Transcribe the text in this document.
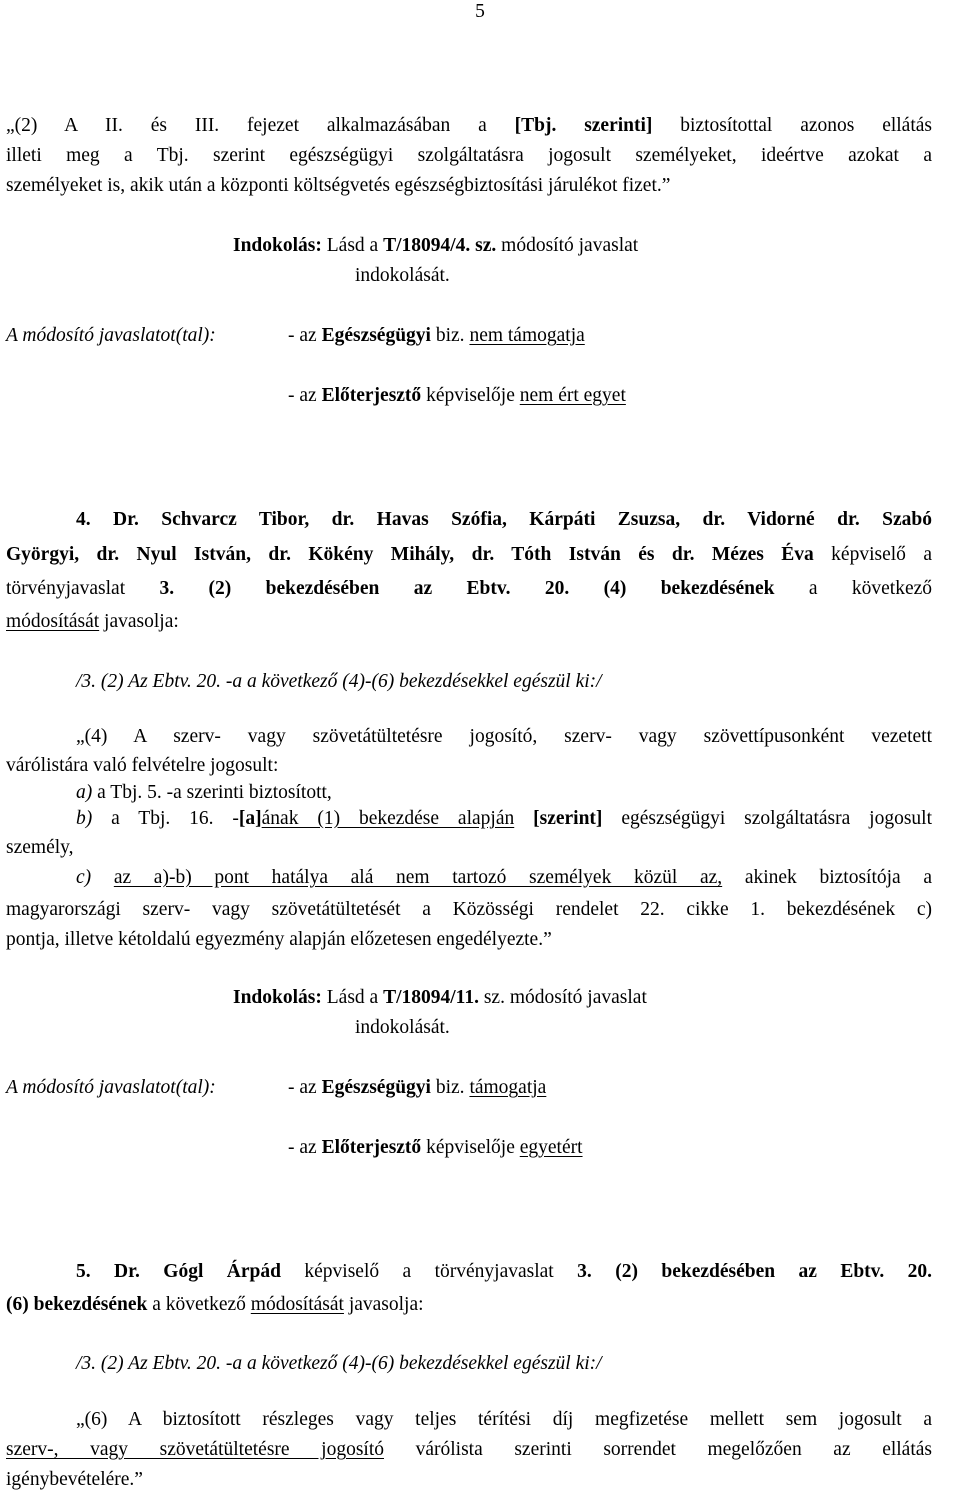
5
„(2) A II. és III. fejezet alkalmazásában a [Tbj. szerinti] biztosítottal azonos ellátás
illeti meg a Tbj. szerint egészségügyi szolgáltatásra jogosult személyeket, ideértve azokat a
személyeket is, akik után a központi költségvetés egészségbiztosítási járulékot fizet.”
Indokolás: Lásd a T/18094/4. sz. módosító javaslat
indokolását.
A módosító javaslatot(tal):	- az Egészségügyi biz. nem támogatja
- az Előterjesztő képviselője nem ért egyet
4. Dr. Schvarcz Tibor, dr. Havas Szófia, Kárpáti Zsuzsa, dr. Vidorné dr. Szabó
Györgyi, dr. Nyul István, dr. Kökény Mihály, dr. Tóth István és dr. Mézes Éva képviselő a
törvényjavaslat 3. (2) bekezdésében az Ebtv. 20. (4) bekezdésének a következő
módosítását javasolja:
/3. (2) Az Ebtv. 20. -a a következő (4)-(6) bekezdésekkel egészül ki:/
„(4) A szerv- vagy szövetátültetésre jogosító, szerv- vagy szövettípusonként vezetett
várólistára való felvételre jogosult:
a) a Tbj. 5. -a szerinti biztosított,
b) a Tbj. 16. -[a]ának (1) bekezdése alapján [szerint] egészségügyi szolgáltatásra jogosult
személy,
c) az a)-b) pont hatálya alá nem tartozó személyek közül az, akinek biztosítója a
magyarországi szerv- vagy szövetátültetését a Közösségi rendelet 22. cikke 1. bekezdésének c)
pontja, illetve kétoldalú egyezmény alapján előzetesen engedélyezte.”
Indokolás: Lásd a T/18094/11. sz. módosító javaslat
indokolását.
A módosító javaslatot(tal):	- az Egészségügyi biz. támogatja
- az Előterjesztő képviselője egyetért
5. Dr. Gógl Árpád képviselő a törvényjavaslat 3. (2) bekezdésében az Ebtv. 20.
(6) bekezdésének a következő módosítását javasolja:
/3. (2) Az Ebtv. 20. -a a következő (4)-(6) bekezdésekkel egészül ki:/
„(6) A biztosított részleges vagy teljes térítési díj megfizetése mellett sem jogosult a
szerv-, vagy szövetátültetésre jogosító várólista szerinti sorrendet megelőzően az ellátás
igénybevételére.”
